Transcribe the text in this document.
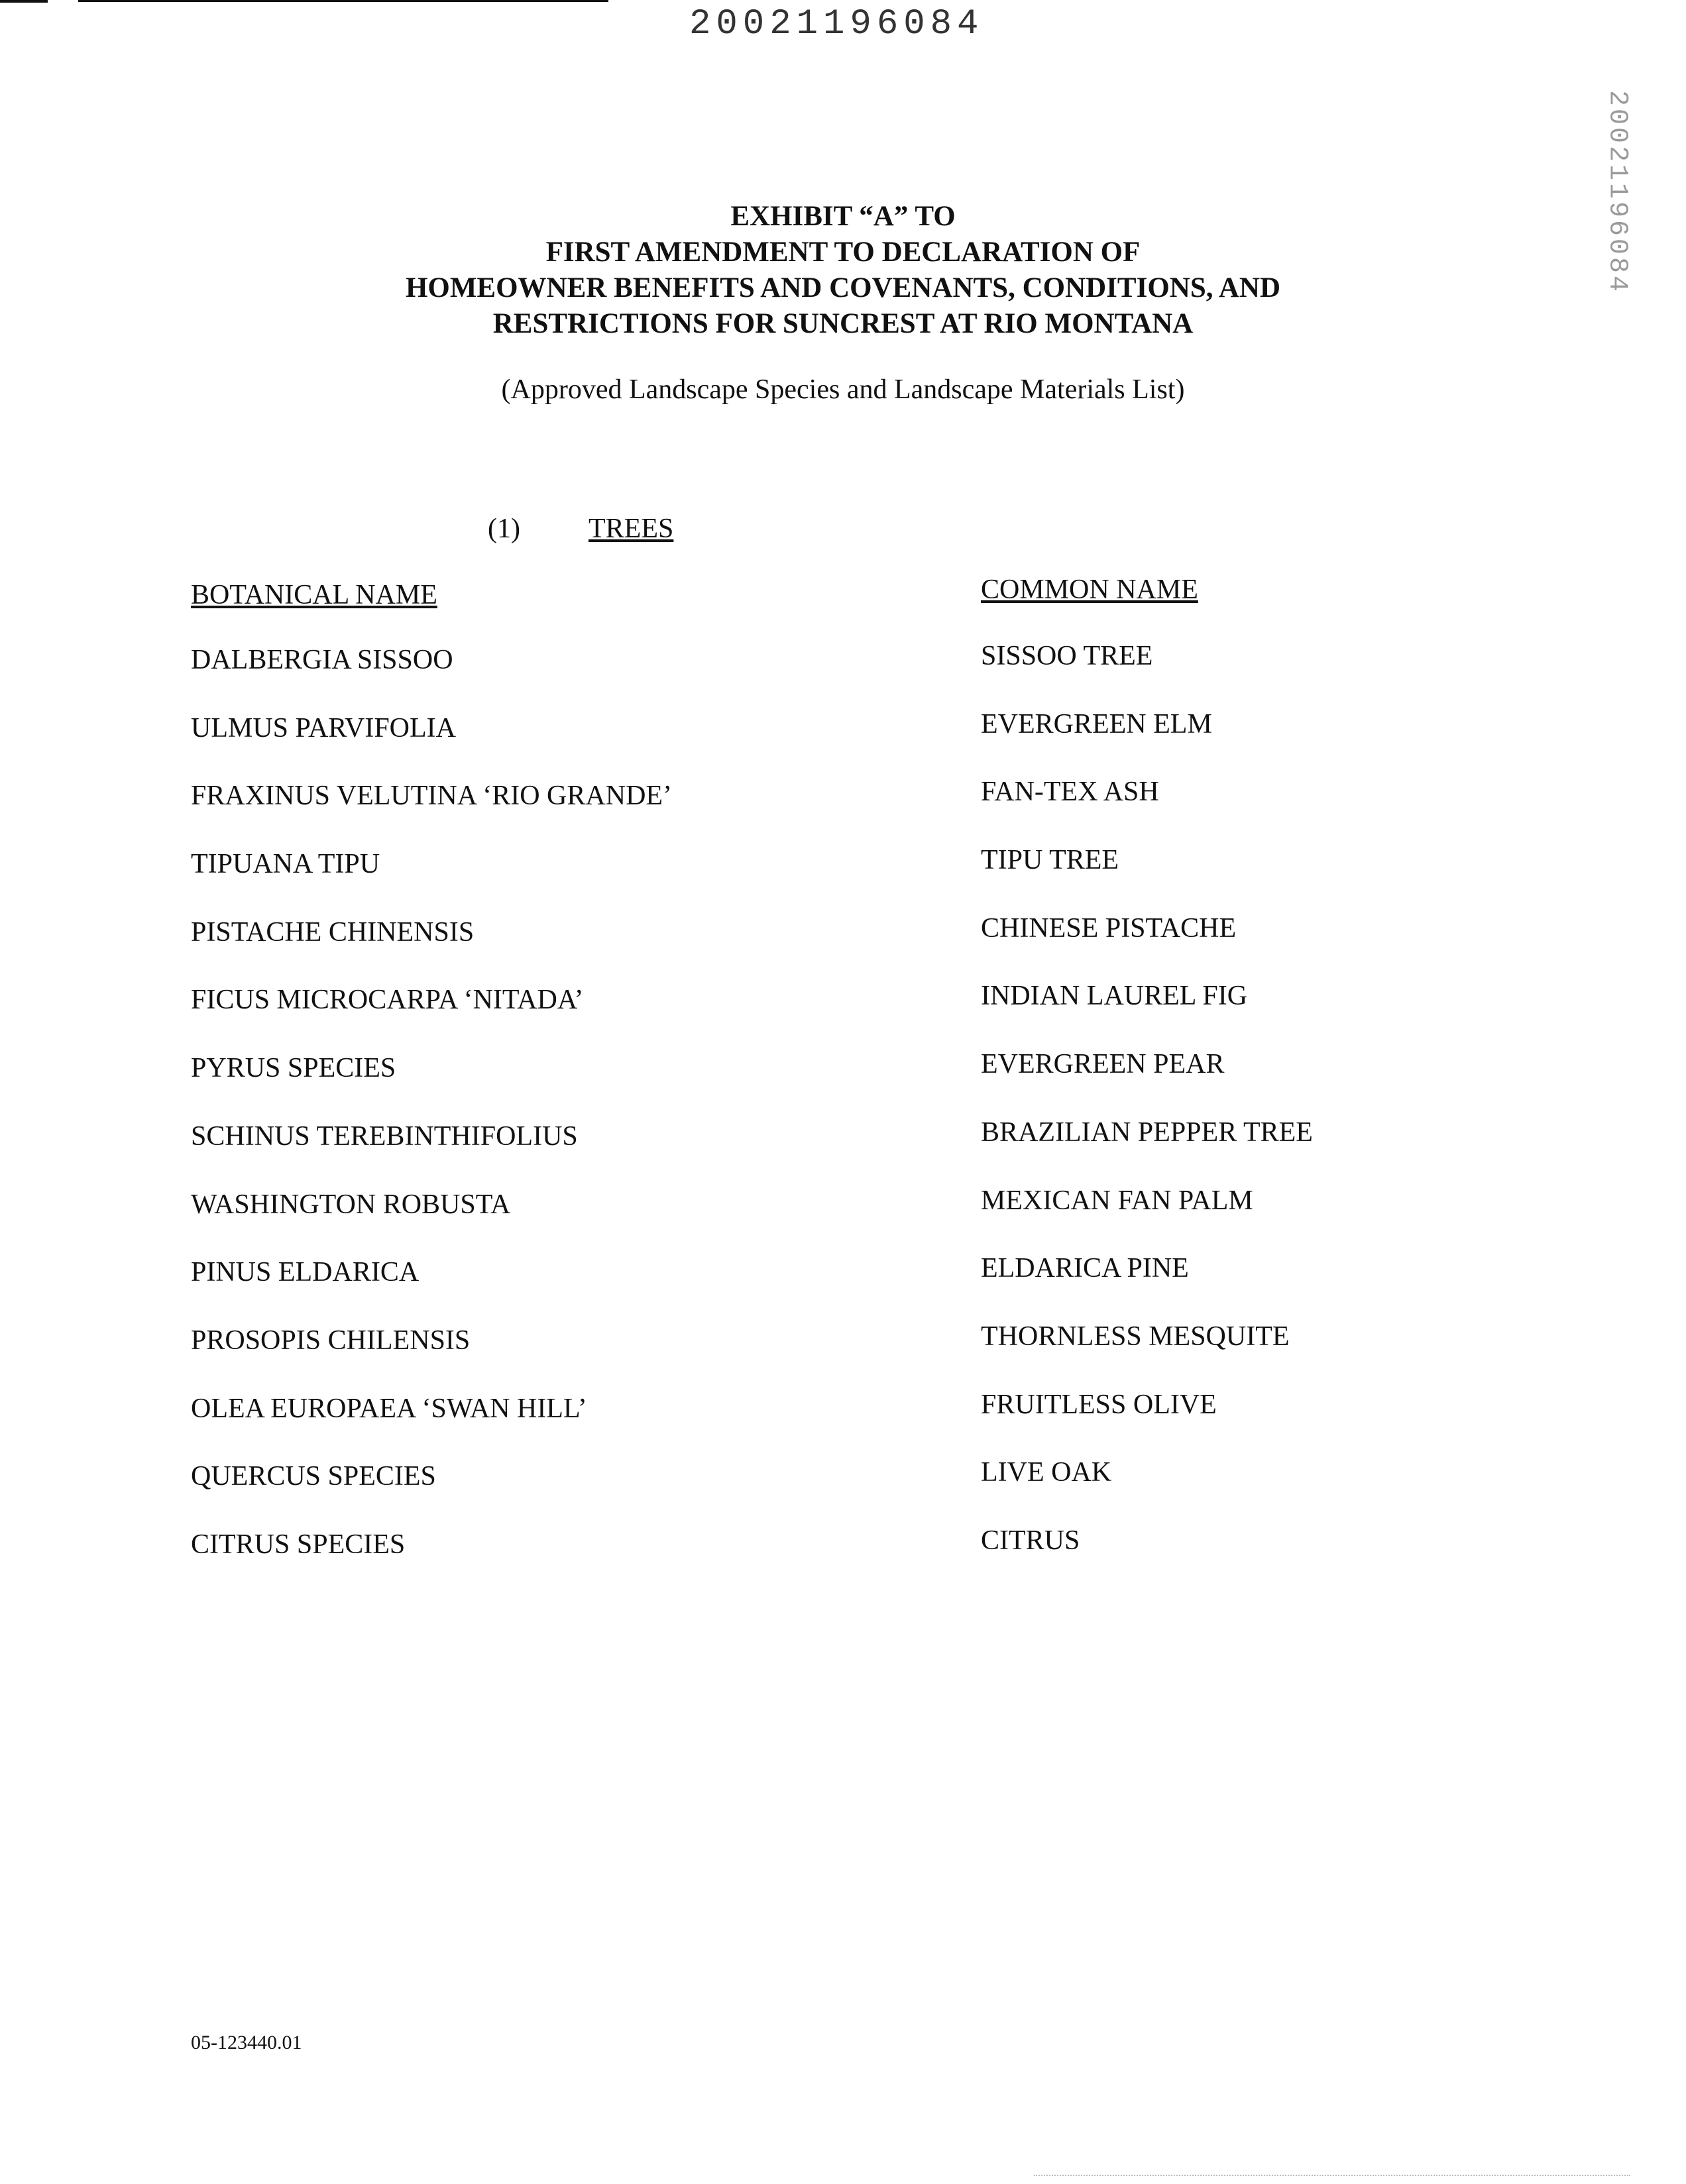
20021196084
20021196084
EXHIBIT “A” TO
FIRST AMENDMENT TO DECLARATION OF
HOMEOWNER BENEFITS AND COVENANTS, CONDITIONS, AND
RESTRICTIONS FOR SUNCREST AT RIO MONTANA
(Approved Landscape Species and Landscape Materials List)
(1) TREES
BOTANICAL NAME	COMMON NAME
DALBERGIA SISSOO	SISSOO TREE
ULMUS PARVIFOLIA	EVERGREEN ELM
FRAXINUS VELUTINA ‘RIO GRANDE’	FAN-TEX ASH
TIPUANA TIPU	TIPU TREE
PISTACHE CHINENSIS	CHINESE PISTACHE
FICUS MICROCARPA ‘NITADA’	INDIAN LAUREL FIG
PYRUS SPECIES	EVERGREEN PEAR
SCHINUS TEREBINTHIFOLIUS	BRAZILIAN PEPPER TREE
WASHINGTON ROBUSTA	MEXICAN FAN PALM
PINUS ELDARICA	ELDARICA PINE
PROSOPIS CHILENSIS	THORNLESS MESQUITE
OLEA EUROPAEA ‘SWAN HILL’	FRUITLESS OLIVE
QUERCUS SPECIES	LIVE OAK
CITRUS SPECIES	CITRUS
05-123440.01
